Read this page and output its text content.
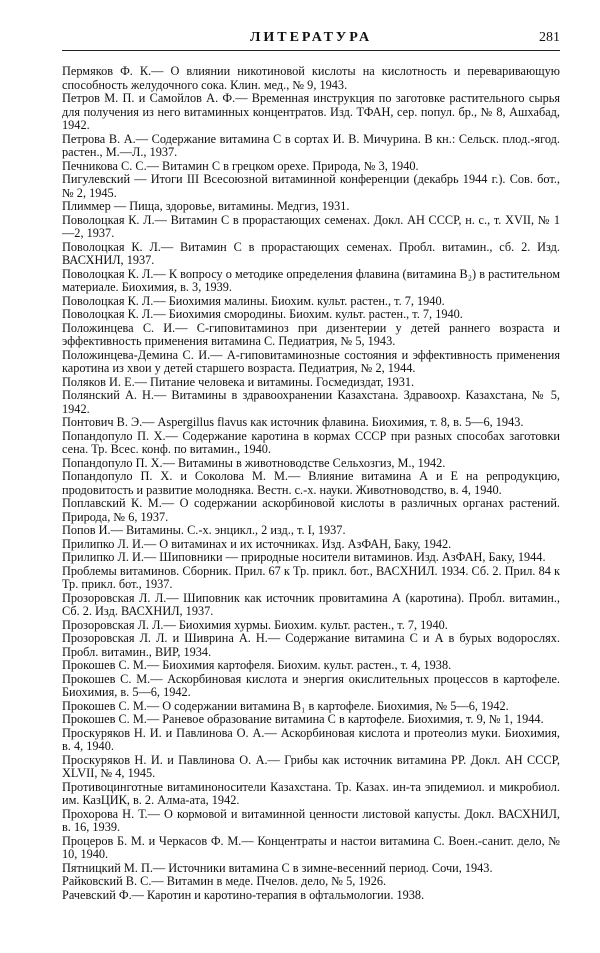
ЛИТЕРАТУРА	281
Пермяков Ф. К.— О влиянии никотиновой кислоты на кислотность и переваривающую способность желудочного сока. Клин. мед., № 9, 1943.
Петров М. П. и Самойлов А. Ф.— Временная инструкция по заготовке растительного сырья для получения из него витаминных концентратов. Изд. ТФАН, сер. попул. бр., № 8, Ашхабад, 1942.
Петрова В. А.— Содержание витамина С в сортах И. В. Мичурина. В кн.: Сельск. плод.-ягод. растен., М.—Л., 1937.
Печникова С. С.— Витамин С в грецком орехе. Природа, № 3, 1940.
Пигулевский — Итоги III Всесоюзной витаминной конференции (декабрь 1944 г.). Сов. бот., № 2, 1945.
Плиммер — Пища, здоровье, витамины. Медгиз, 1931.
Поволоцкая К. Л.— Витамин С в прорастающих семенах. Докл. АН СССР, н. с., т. XVII, № 1—2, 1937.
Поволоцкая К. Л.— Витамин С в прорастающих семенах. Пробл. витамин., сб. 2. Изд. ВАСХНИЛ, 1937.
Поволоцкая К. Л.— К вопросу о методике определения флавина (витамина B₂) в растительном материале. Биохимия, в. 3, 1939.
Поволоцкая К. Л.— Биохимия малины. Биохим. культ. растен., т. 7, 1940.
Поволоцкая К. Л.— Биохимия смородины. Биохим. культ. растен., т. 7, 1940.
Положинцева С. И.— С-гиповитаминоз при дизентерии у детей раннего возраста и эффективность применения витамина С. Педиатрия, № 5, 1943.
Положинцева-Демина С. И.— А-гиповитаминозные состояния и эффективность применения каротина из хвои у детей старшего возраста. Педиатрия, № 2, 1944.
Поляков И. Е.— Питание человека и витамины. Госмедиздат, 1931.
Полянский А. Н.— Витамины в здравоохранении Казахстана. Здравоохр. Казахстана, № 5, 1942.
Понтович В. Э.— Aspergillus flavus как источник флавина. Биохимия, т. 8, в. 5—6, 1943.
Попандопуло П. Х.— Содержание каротина в кормах СССР при разных способах заготовки сена. Тр. Всес. конф. по витамин., 1940.
Попандопуло П. Х.— Витамины в животноводстве Сельхозгиз, М., 1942.
Попандопуло П. Х. и Соколова М. М.— Влияние витамина А и Е на репродукцию, продовитость и развитие молодняка. Вестн. с.-х. науки. Животноводство, в. 4, 1940.
Поплавский К. М.— О содержании аскорбиновой кислоты в различных органах растений. Природа, № 6, 1937.
Попов И.— Витамины. С.-х. энцикл., 2 изд., т. I, 1937.
Прилипко Л. И.— О витаминах и их источниках. Изд. АзФАН, Баку, 1942.
Прилипко Л. И.— Шиповники — природные носители витаминов. Изд. АзФАН, Баку, 1944.
Проблемы витаминов. Сборник. Прил. 67 к Тр. прикл. бот., ВАСХНИЛ. 1934. Сб. 2. Прил. 84 к Тр. прикл. бот., 1937.
Прозоровская Л. Л.— Шиповник как источник провитамина А (каротина). Пробл. витамин., Сб. 2. Изд. ВАСХНИЛ, 1937.
Прозоровская Л. Л.— Биохимия хурмы. Биохим. культ. растен., т. 7, 1940.
Прозоровская Л. Л. и Шиврина А. Н.— Содержание витамина С и А в бурых водорослях. Пробл. витамин., ВИР, 1934.
Прокошев С. М.— Биохимия картофеля. Биохим. культ. растен., т. 4, 1938.
Прокошев С. М.— Аскорбиновая кислота и энергия окислительных процессов в картофеле. Биохимия, в. 5—6, 1942.
Прокошев С. М.— О содержании витамина B₁ в картофеле. Биохимия, № 5—6, 1942.
Прокошев С. М.— Раневое образование витамина С в картофеле. Биохимия, т. 9, № 1, 1944.
Проскуряков Н. И. и Павлинова О. А.— Аскорбиновая кислота и протеолиз муки. Биохимия, в. 4, 1940.
Проскуряков Н. И. и Павлинова О. А.— Грибы как источник витамина РР. Докл. АН СССР, XLVII, № 4, 1945.
Противоцинготные витаминоносители Казахстана. Тр. Казах. ин-та эпидемиол. и микробиол. им. КазЦИК, в. 2. Алма-ата, 1942.
Прохорова Н. Т.— О кормовой и витаминной ценности листовой капусты. Докл. ВАСХНИЛ, в. 16, 1939.
Процеров Б. М. и Черкасов Ф. М.— Концентраты и настои витамина С. Воен.-санит. дело, № 10, 1940.
Пятницкий М. П.— Источники витамина С в зимне-весенний период. Сочи, 1943.
Райковский В. С.— Витамин в меде. Пчелов. дело, № 5, 1926.
Рачевский Ф.— Каротин и каротино-терапия в офтальмологии. 1938.
